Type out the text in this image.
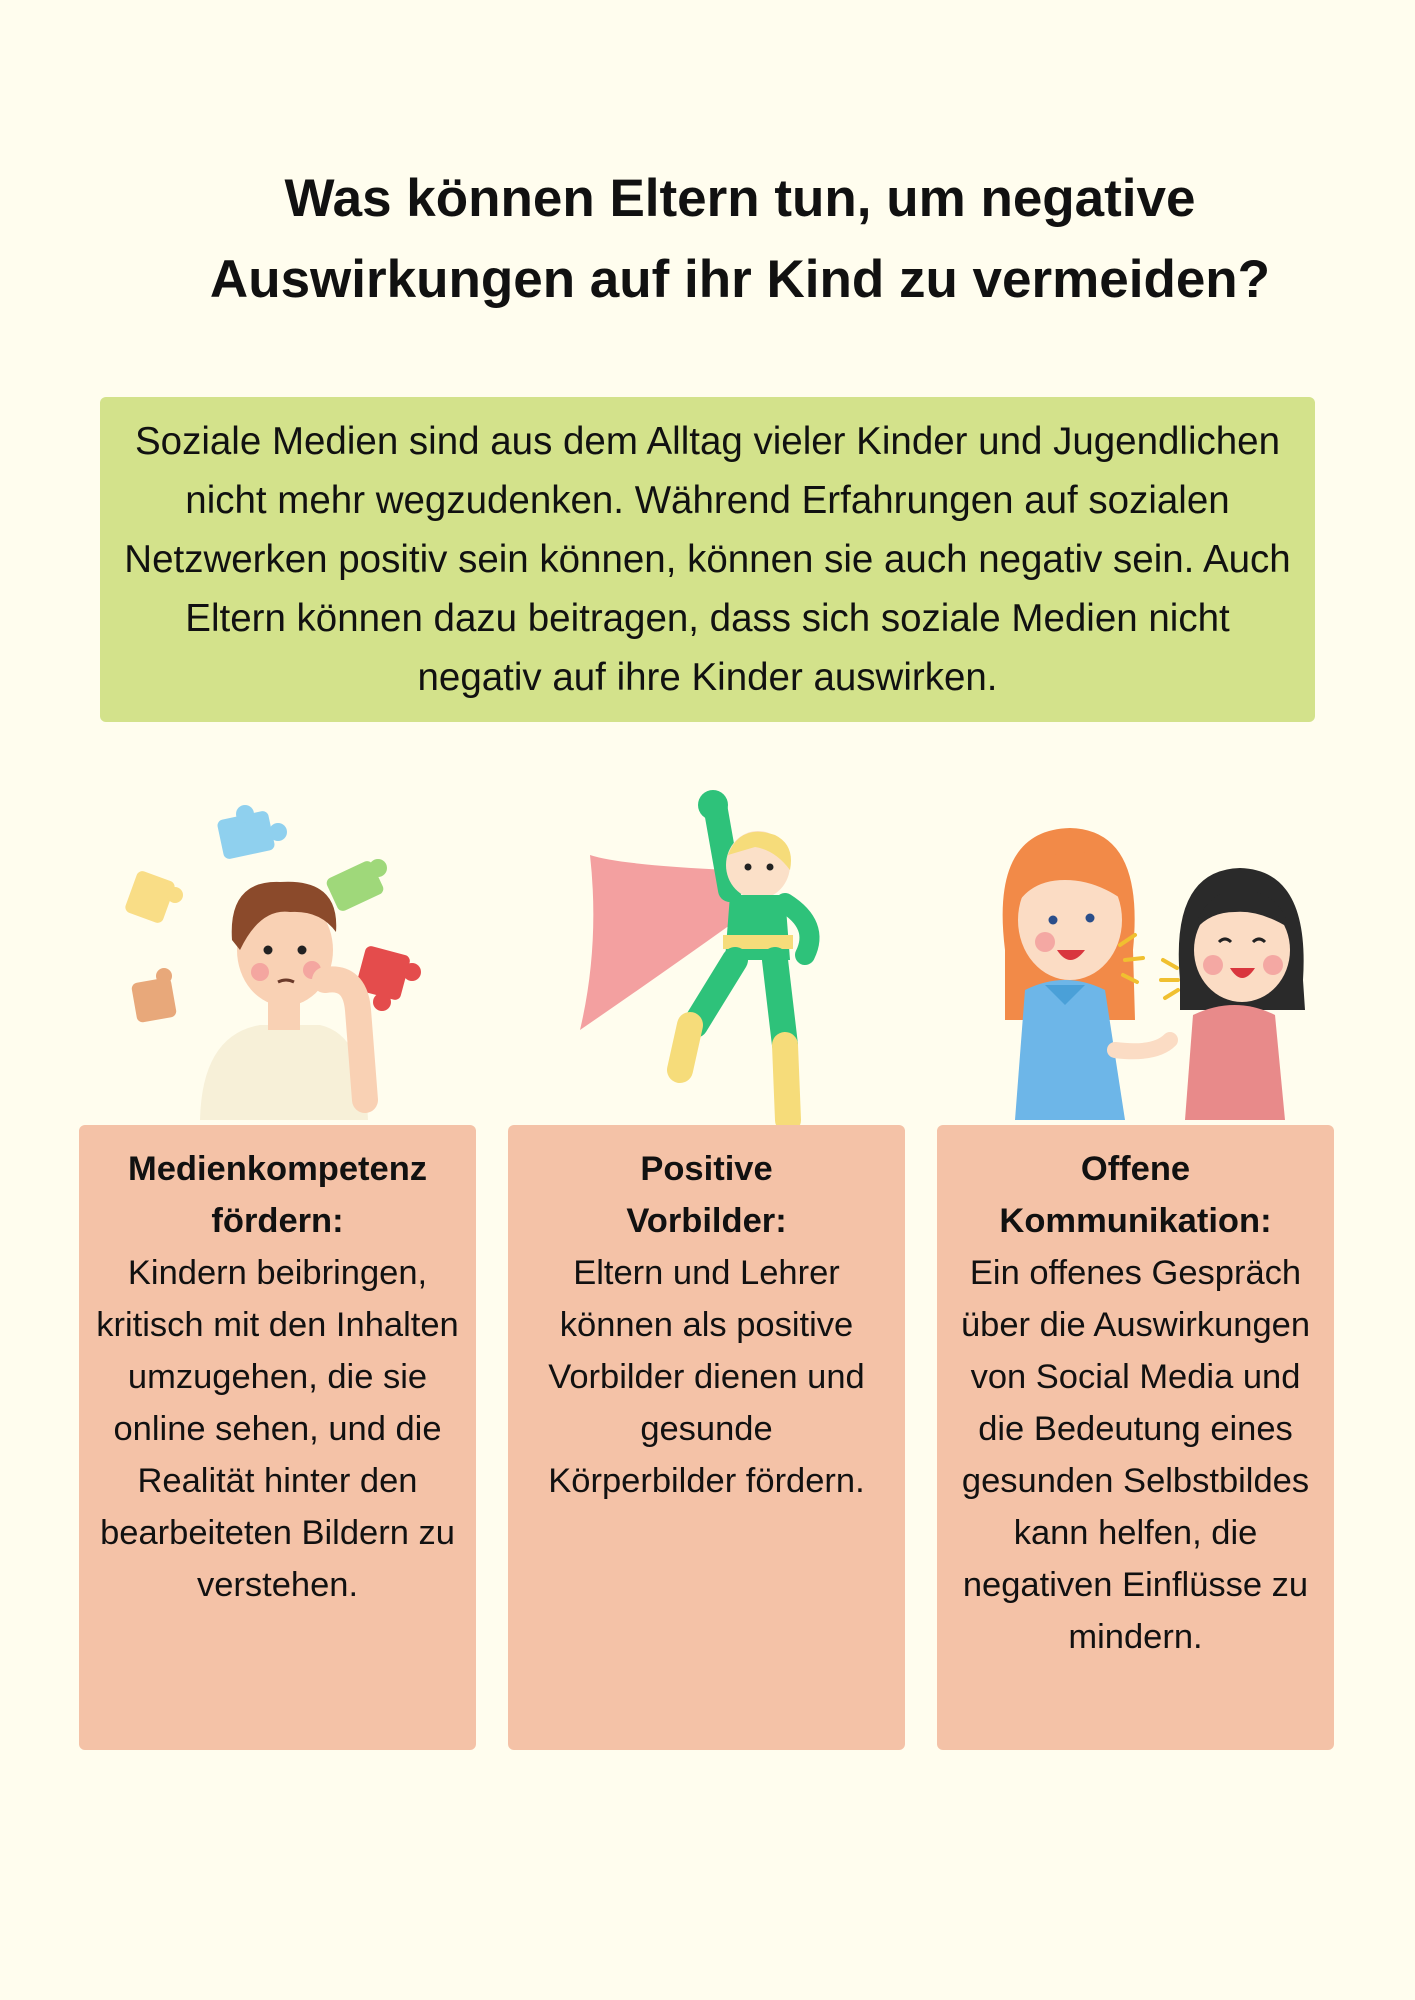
Was können Eltern tun, um negative
Auswirkungen auf ihr Kind zu vermeiden?
Soziale Medien sind aus dem Alltag vieler Kinder und Jugendlichen nicht mehr wegzudenken. Während Erfahrungen auf sozialen Netzwerken positiv sein können, können sie auch negativ sein. Auch Eltern können dazu beitragen, dass sich soziale Medien nicht negativ auf ihre Kinder auswirken.
Medienkompetenz fördern:
Kindern beibringen, kritisch mit den Inhalten umzugehen, die sie online sehen, und die Realität hinter den bearbeiteten Bildern zu verstehen.
Positive Vorbilder:
Eltern und Lehrer können als positive Vorbilder dienen und gesunde Körperbilder fördern.
Offene Kommunikation:
Ein offenes Gespräch über die Auswirkungen von Social Media und die Bedeutung eines gesunden Selbstbildes kann helfen, die negativen Einflüsse zu mindern.
